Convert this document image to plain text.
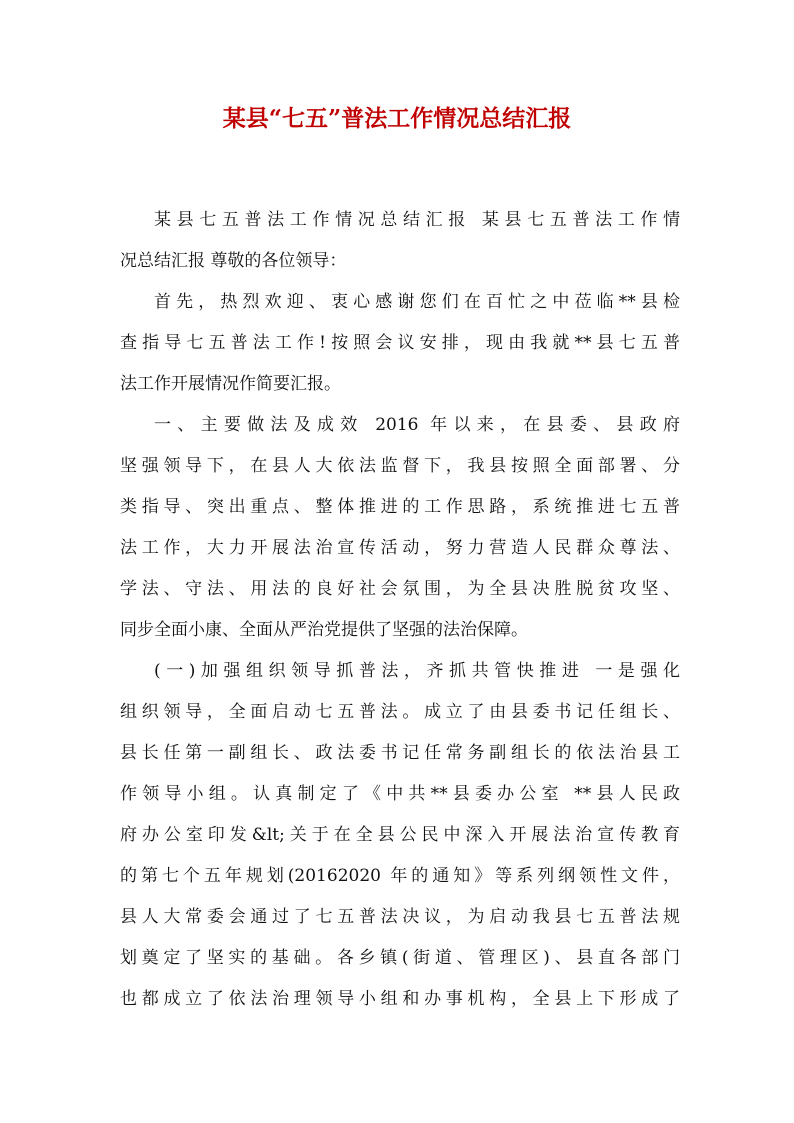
某县“七五”普法工作情况总结汇报
某县七五普法工作情况总结汇报 某县七五普法工作情
况总结汇报 尊敬的各位领导：
首先，热烈欢迎、衷心感谢您们在百忙之中莅临**县检
查指导七五普法工作!按照会议安排，现由我就**县七五普
法工作开展情况作简要汇报。
一、主要做法及成效 2016 年以来，在县委、县政府
坚强领导下，在县人大依法监督下，我县按照全面部署、分
类指导、突出重点、整体推进的工作思路，系统推进七五普
法工作，大力开展法治宣传活动，努力营造人民群众尊法、
学法、守法、用法的良好社会氛围，为全县决胜脱贫攻坚、
同步全面小康、全面从严治党提供了坚强的法治保障。
(一)加强组织领导抓普法，齐抓共管快推进 一是强化
组织领导，全面启动七五普法。成立了由县委书记任组长、
县长任第一副组长、政法委书记任常务副组长的依法治县工
作领导小组。认真制定了《中共**县委办公室 **县人民政
府办公室印发&lt;关于在全县公民中深入开展法治宣传教育
的第七个五年规划(20162020 年的通知》等系列纲领性文件，
县人大常委会通过了七五普法决议，为启动我县七五普法规
划奠定了坚实的基础。各乡镇(街道、管理区)、县直各部门
也都成立了依法治理领导小组和办事机构，全县上下形成了
